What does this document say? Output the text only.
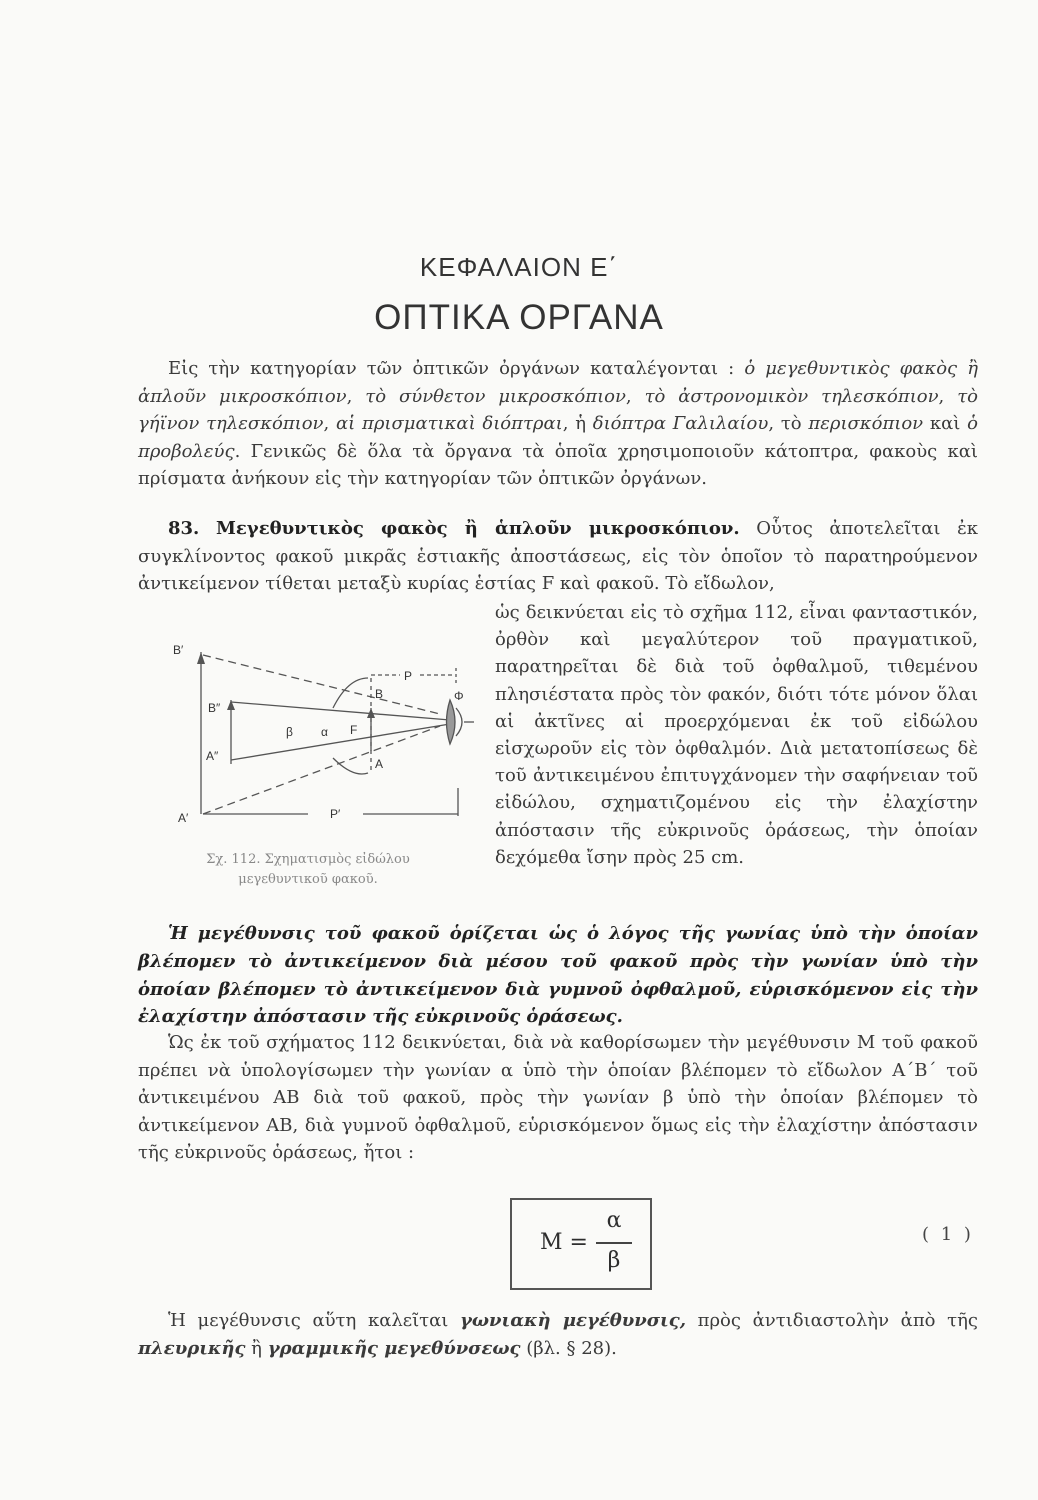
ΚΕΦΑΛΑΙΟΝ Ε΄
ΟΠΤΙΚΑ ΟΡΓΑΝΑ
Εἰς τὴν κατηγορίαν τῶν ὀπτικῶν ὀργάνων καταλέγονται : ὁ μεγεθυντικὸς φακὸς ἢ ἁπλοῦν μικροσκόπιον, τὸ σύνθετον μικροσκόπιον, τὸ ἀστρονομικὸν τηλεσκόπιον, τὸ γήϊνον τηλεσκόπιον, αἱ πρισματικαὶ διόπτραι, ἡ διόπτρα Γαλιλαίου, τὸ περισκόπιον καὶ ὁ προβολεύς. Γενικῶς δὲ ὅλα τὰ ὄργανα τὰ ὁποῖα χρησιμοποιοῦν κάτοπτρα, φακοὺς καὶ πρίσματα ἀνήκουν εἰς τὴν κατηγορίαν τῶν ὀπτικῶν ὀργάνων.
83. Μεγεθυντικὸς φακὸς ἢ ἁπλοῦν μικροσκόπιον. Οὗτος ἀποτελεῖται ἐκ συγκλίνοντος φακοῦ μικρᾶς ἑστιακῆς ἀποστάσεως, εἰς τὸν ὁποῖον τὸ παρατηρούμενον ἀντικείμενον τίθεται μεταξὺ κυρίας ἑστίας F καὶ φακοῦ. Τὸ εἴδωλον,
B′
B″
A″
A′
B
A
F
P
P′
β α
Φ
Σχ. 112. Σχηματισμὸς εἰδώλου
μεγεθυντικοῦ φακοῦ.
ὡς δεικνύεται εἰς τὸ σχῆμα 112, εἶναι φανταστικόν, ὀρθὸν καὶ μεγαλύτερον τοῦ πραγματικοῦ, παρατηρεῖται δὲ διὰ τοῦ ὀφθαλμοῦ, τιθεμένου πλησιέστατα πρὸς τὸν φακόν, διότι τότε μόνον ὅλαι αἱ ἀκτῖνες αἱ προερχόμεναι ἐκ τοῦ εἰδώλου εἰσχωροῦν εἰς τὸν ὀφθαλμόν. Διὰ μετατοπίσεως δὲ τοῦ ἀντικειμένου ἐπιτυγχάνομεν τὴν σαφήνειαν τοῦ εἰδώλου, σχηματιζομένου εἰς τὴν ἐλαχίστην ἀπόστασιν τῆς εὐκρινοῦς ὁράσεως, τὴν ὁποίαν δεχόμεθα ἴσην πρὸς 25 cm.
Ἡ μεγέθυνσις τοῦ φακοῦ ὁρίζεται ὡς ὁ λόγος τῆς γωνίας ὑπὸ τὴν ὁποίαν βλέπομεν τὸ ἀντικείμενον διὰ μέσου τοῦ φακοῦ πρὸς τὴν γωνίαν ὑπὸ τὴν ὁποίαν βλέπομεν τὸ ἀντικείμενον διὰ γυμνοῦ ὀφθαλμοῦ, εὑρισκόμενον εἰς τὴν ἐλαχίστην ἀπόστασιν τῆς εὐκρινοῦς ὁράσεως.
Ὡς ἐκ τοῦ σχήματος 112 δεικνύεται, διὰ νὰ καθορίσωμεν τὴν μεγέθυνσιν Μ τοῦ φακοῦ πρέπει νὰ ὑπολογίσωμεν τὴν γωνίαν α ὑπὸ τὴν ὁποίαν βλέπομεν τὸ εἴδωλον Α΄Β΄ τοῦ ἀντικειμένου ΑΒ διὰ τοῦ φακοῦ, πρὸς τὴν γωνίαν β ὑπὸ τὴν ὁποίαν βλέπομεν τὸ ἀντικείμενον ΑΒ, διὰ γυμνοῦ ὀφθαλμοῦ, εὑρισκόμενον ὅμως εἰς τὴν ἐλαχίστην ἀπόστασιν τῆς εὐκρινοῦς ὁράσεως, ἤτοι :
M =
α
β
( 1 )
Ἡ μεγέθυνσις αὕτη καλεῖται γωνιακὴ μεγέθυνσις, πρὸς ἀντιδιαστολὴν ἀπὸ τῆς πλευρικῆς ἢ γραμμικῆς μεγεθύνσεως (βλ. § 28).
